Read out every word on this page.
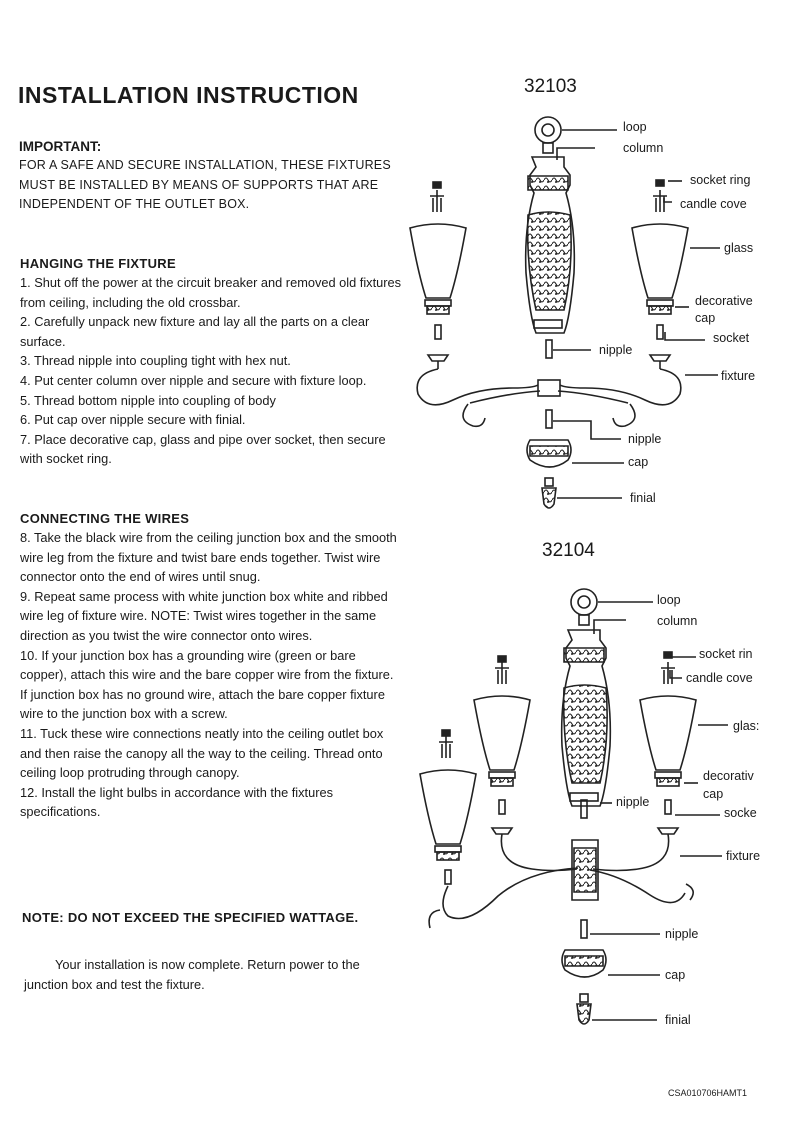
INSTALLATION INSTRUCTION
IMPORTANT:
FOR A SAFE AND SECURE INSTALLATION, THESE FIXTURES MUST BE INSTALLED BY MEANS OF SUPPORTS THAT ARE INDEPENDENT OF THE OUTLET BOX.
HANGING THE FIXTURE
1. Shut off the power at the circuit breaker and removed old fixtures from ceiling, including the old crossbar.
2. Carefully unpack new fixture and lay all the parts on a clear surface.
3. Thread nipple into coupling tight with hex nut.
4. Put center column over nipple and secure with fixture loop.
5. Thread bottom nipple into coupling of body
6. Put cap over nipple secure with finial.
7. Place decorative cap, glass and pipe over socket, then secure with socket ring.
CONNECTING THE WIRES
8. Take the black wire from the ceiling junction box and the smooth wire leg from the fixture and twist bare ends together. Twist wire connector onto the end of wires until snug.
9. Repeat same process with white junction box white and ribbed wire leg of fixture wire. NOTE: Twist wires together in the same direction as you twist the wire connector onto wires.
10. If your junction box has a grounding wire (green or bare copper), attach this wire and the bare copper wire from the fixture. If junction box has no ground wire, attach the bare copper fixture wire to the junction box with a screw.
11. Tuck these wire connections neatly into the ceiling outlet box and then raise the canopy all the way to the ceiling. Thread onto ceiling loop protruding through canopy.
12. Install the light bulbs in accordance with the fixtures specifications.
NOTE: DO NOT EXCEED THE SPECIFIED WATTAGE.
Your installation is now complete. Return power to the junction box and test the fixture.
32103
loop
column
socket ring
candle cove
glass
decorative
cap
socket
nipple
fixture
nipple
cap
finial
32104
loop
column
socket rin
candle cove
glas:
decorativ
cap
nipple
socke
fixture
nipple
cap
finial
CSA010706HAMT1
